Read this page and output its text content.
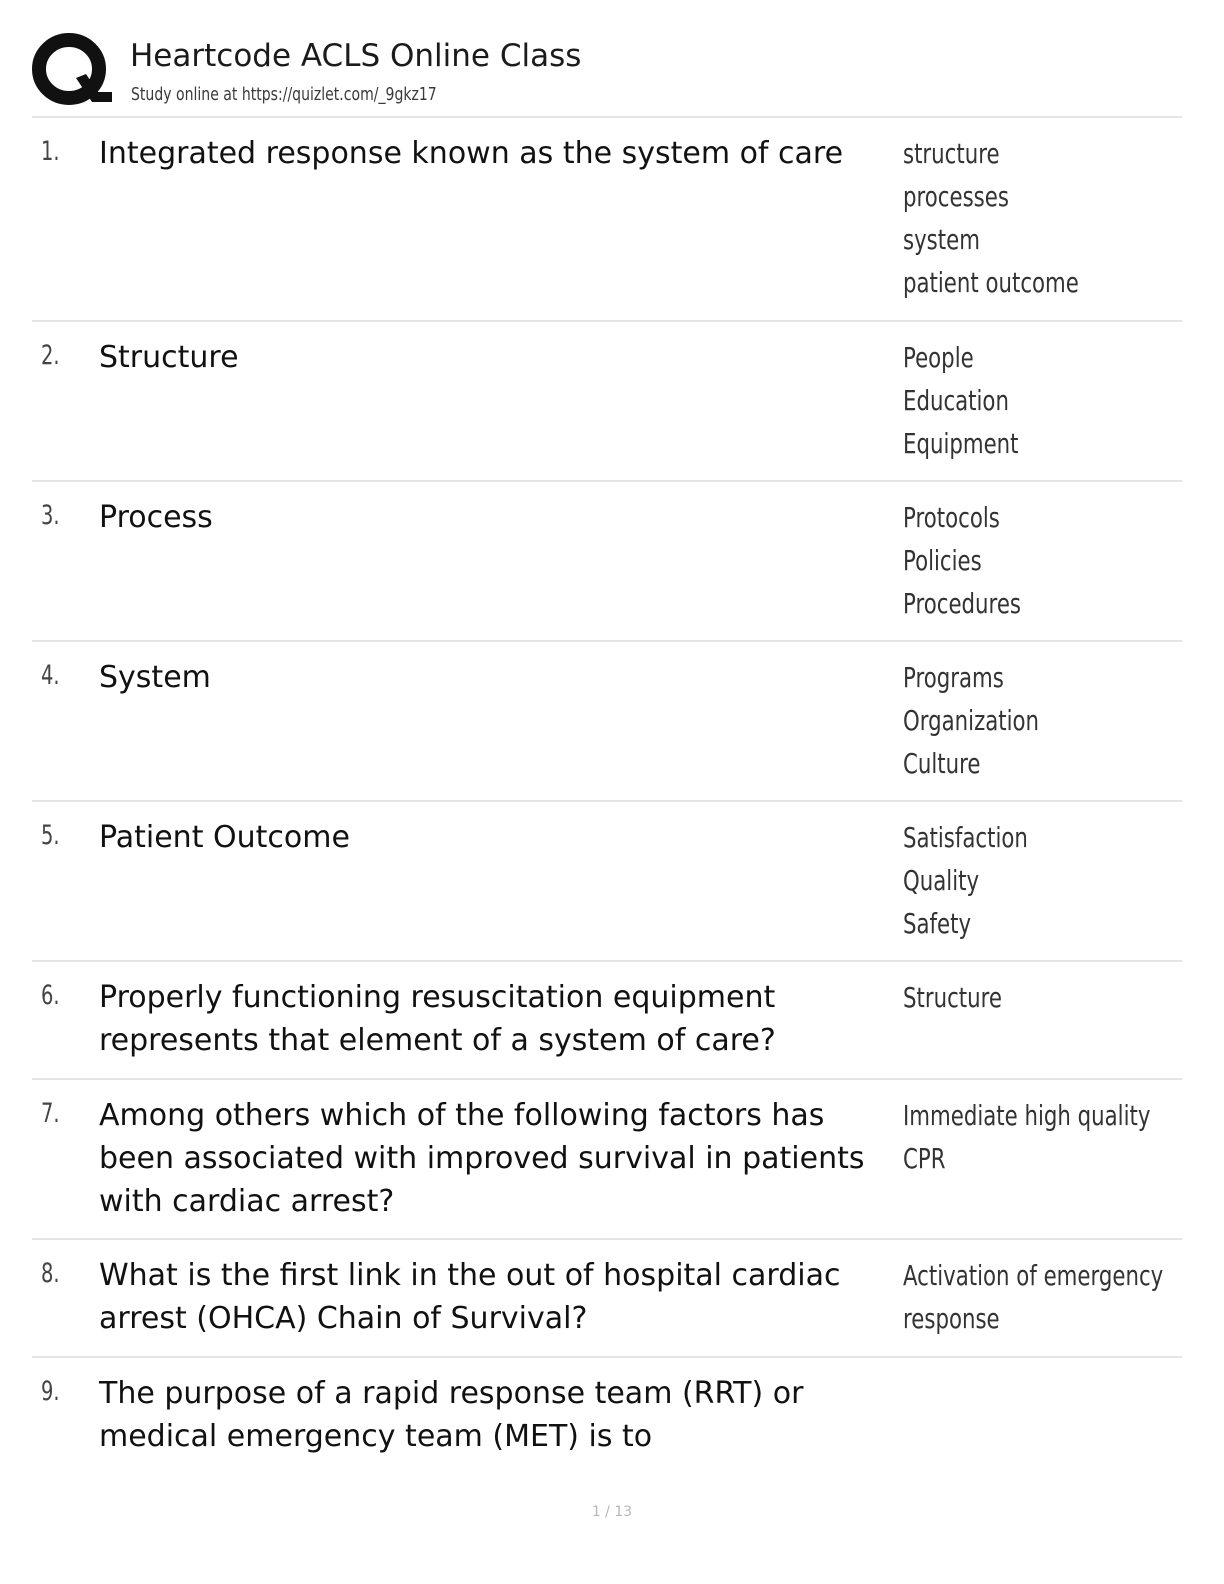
Heartcode ACLS Online Class
Study online at https://quizlet.com/_9gkz17
1. Integrated response known as the system of care	structure
processes
system
patient outcome
2. Structure	People
Education
Equipment
3. Process	Protocols
Policies
Procedures
4. System	Programs
Organization
Culture
5. Patient Outcome	Satisfaction
Quality
Safety
6. Properly functioning resuscitation equipment represents that element of a system of care?
Structure
7. Among others which of the following factors has been associated with improved survival in patients with cardiac arrest?
Immediate high quality
CPR
8. What is the first link in the out of hospital cardiac arrest (OHCA) Chain of Survival?
Activation of emergency
response
9. The purpose of a rapid response team (RRT) or medical emergency team (MET) is to
1 / 13
